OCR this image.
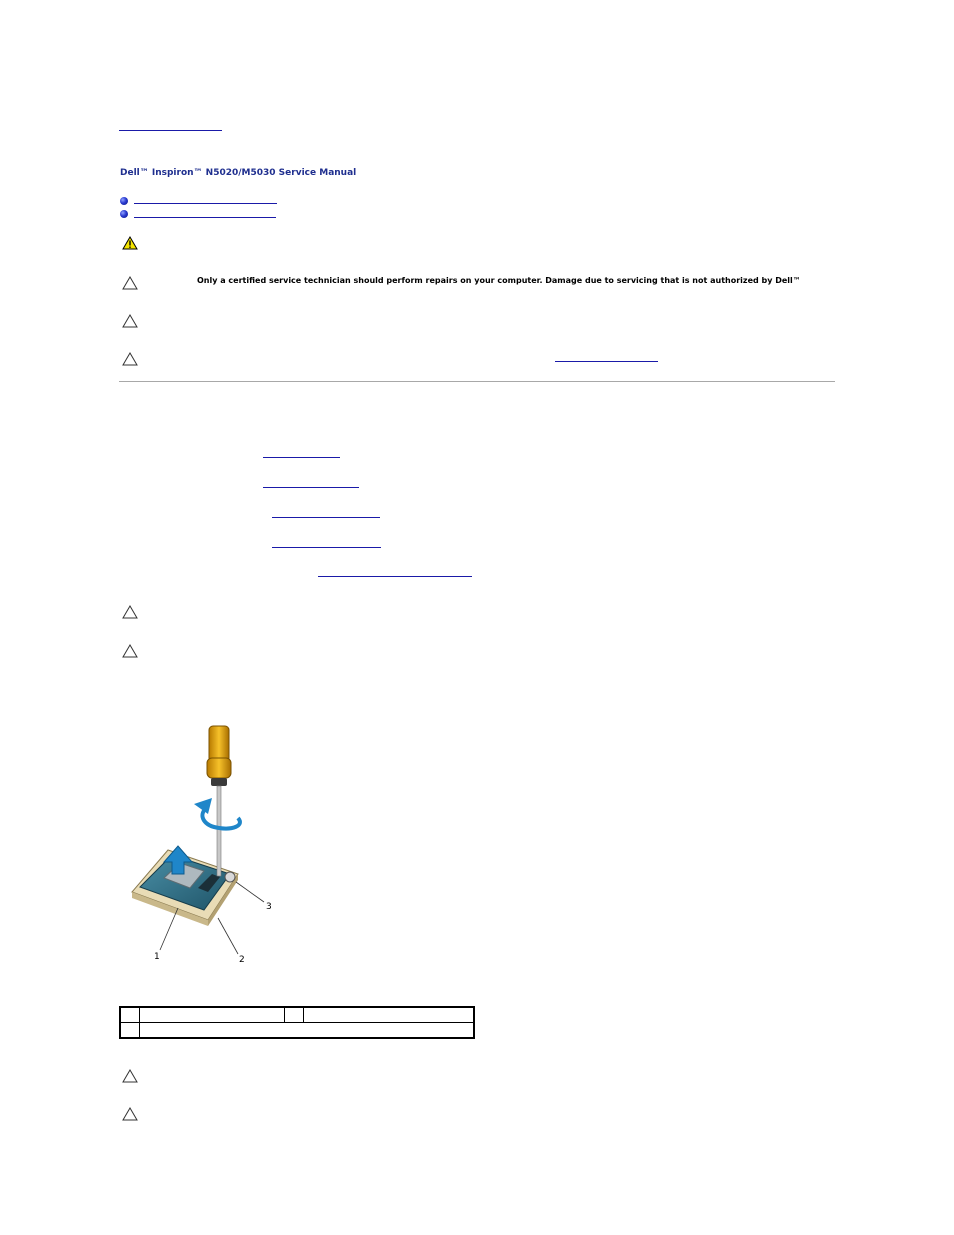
Dell™ Inspiron™ N5020/M5030 Service Manual
Only a certified service technician should perform repairs on your computer. Damage due to servicing that is not authorized by Dell™
1	2
3
